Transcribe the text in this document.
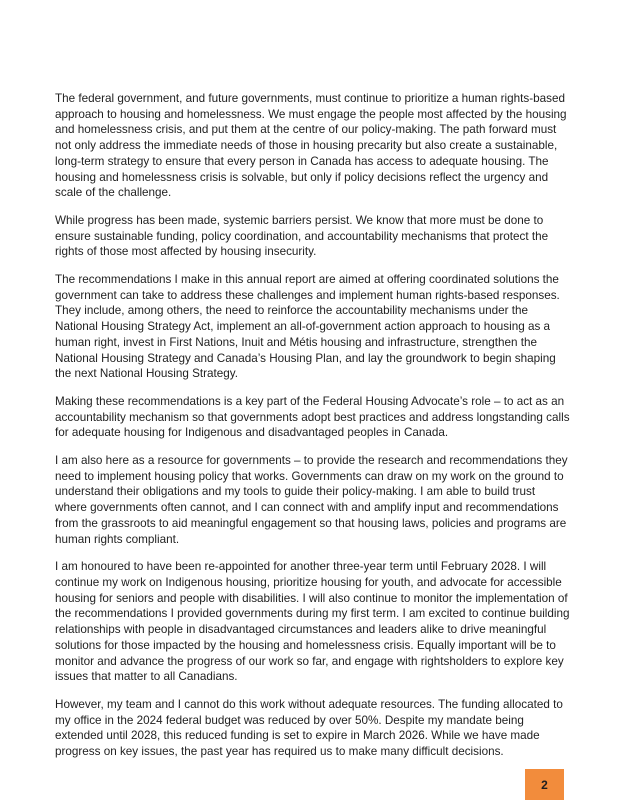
The federal government, and future governments, must continue to prioritize a human rights-based approach to housing and homelessness. We must engage the people most affected by the housing and homelessness crisis, and put them at the centre of our policy-making. The path forward must not only address the immediate needs of those in housing precarity but also create a sustainable, long-term strategy to ensure that every person in Canada has access to adequate housing. The housing and homelessness crisis is solvable, but only if policy decisions reflect the urgency and scale of the challenge.

While progress has been made, systemic barriers persist. We know that more must be done to ensure sustainable funding, policy coordination, and accountability mechanisms that protect the rights of those most affected by housing insecurity.

The recommendations I make in this annual report are aimed at offering coordinated solutions the government can take to address these challenges and implement human rights-based responses. They include, among others, the need to reinforce the accountability mechanisms under the National Housing Strategy Act, implement an all-of-government action approach to housing as a human right, invest in First Nations, Inuit and Métis housing and infrastructure, strengthen the National Housing Strategy and Canada’s Housing Plan, and lay the groundwork to begin shaping the next National Housing Strategy.

Making these recommendations is a key part of the Federal Housing Advocate’s role – to act as an accountability mechanism so that governments adopt best practices and address longstanding calls for adequate housing for Indigenous and disadvantaged peoples in Canada.

I am also here as a resource for governments – to provide the research and recommendations they need to implement housing policy that works. Governments can draw on my work on the ground to understand their obligations and my tools to guide their policy-making. I am able to build trust where governments often cannot, and I can connect with and amplify input and recommendations from the grassroots to aid meaningful engagement so that housing laws, policies and programs are human rights compliant.

I am honoured to have been re-appointed for another three-year term until February 2028. I will continue my work on Indigenous housing, prioritize housing for youth, and advocate for accessible housing for seniors and people with disabilities. I will also continue to monitor the implementation of the recommendations I provided governments during my first term. I am excited to continue building relationships with people in disadvantaged circumstances and leaders alike to drive meaningful solutions for those impacted by the housing and homelessness crisis. Equally important will be to monitor and advance the progress of our work so far, and engage with rightsholders to explore key issues that matter to all Canadians.

However, my team and I cannot do this work without adequate resources. The funding allocated to my office in the 2024 federal budget was reduced by over 50%. Despite my mandate being extended until 2028, this reduced funding is set to expire in March 2026. While we have made progress on key issues, the past year has required us to make many difficult decisions.

2
